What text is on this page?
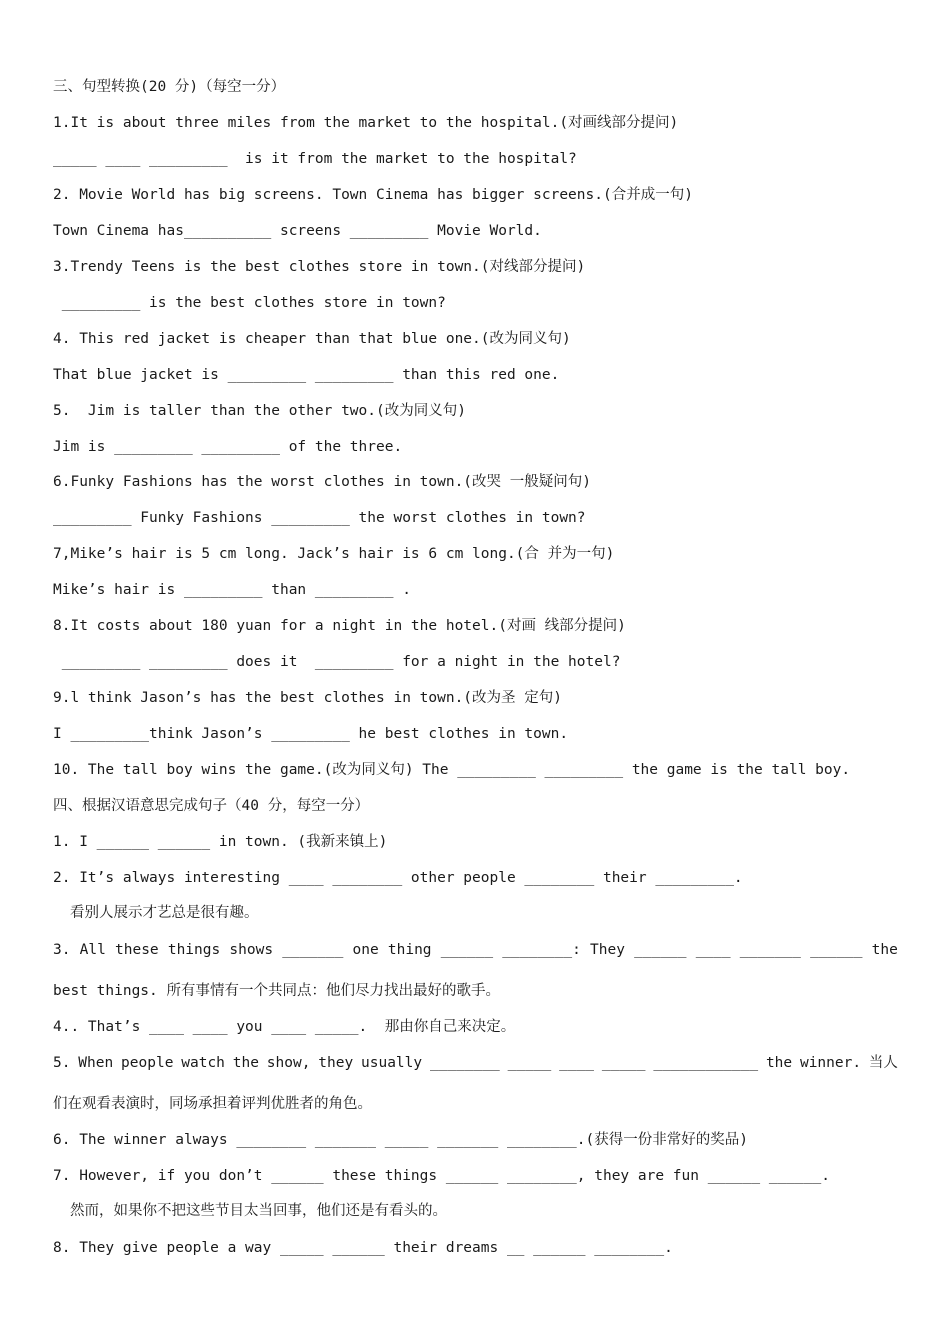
三、句型转换(20 分)（每空一分）
1.It is about three miles from the market to the hospital.(对画线部分提问)
_____ ____ _________  is it from the market to the hospital?
2. Movie World has big screens. Town Cinema has bigger screens.(合并成一句)
Town Cinema has__________ screens _________ Movie World.
3.Trendy Teens is the best clothes store in town.(对线部分提问)
_________ is the best clothes store in town?
4. This red jacket is cheaper than that blue one.(改为同义句)
That blue jacket is _________ _________ than this red one.
5.  Jim is taller than the other two.(改为同义句)
Jim is _________ _________ of the three.
6.Funky Fashions has the worst clothes in town.(改哭 一般疑问句)
_________ Funky Fashions _________ the worst clothes in town?
7,Mike’s hair is 5 cm long. Jack’s hair is 6 cm long.(合 并为一句)
Mike’s hair is _________ than _________ .
8.It costs about 180 yuan for a night in the hotel.(对画 线部分提问)
_________ _________ does it  _________ for a night in the hotel?
9.l think Jason’s has the best clothes in town.(改为圣 定句)
I _________think Jason’s _________ he best clothes in town.
10. The tall boy wins the game.(改为同义句) The _________ _________ the game is the tall boy.
四、根据汉语意思完成句子（40 分，每空一分）
1. I ______ ______ in town. (我新来镇上)
2. It’s always interesting ____ ________ other people ________ their _________.
看别人展示才艺总是很有趣。
3. All these things shows _______ one thing ______ ________: They ______ ____ _______ ______ the
best things. 所有事情有一个共同点：他们尽力找出最好的歌手。
4.. That’s ____ ____ you ____ _____.  那由你自己来决定。
5. When people watch the show, they usually ________ _____ ____ _____ ____________ the winner. 当人
们在观看表演时，同场承担着评判优胜者的角色。
6. The winner always ________ _______ _____ _______ ________.(获得一份非常好的奖品)
7. However, if you don’t ______ these things ______ ________, they are fun ______ ______.
然而，如果你不把这些节目太当回事，他们还是有看头的。
8. They give people a way _____ ______ their dreams __ ______ ________.
